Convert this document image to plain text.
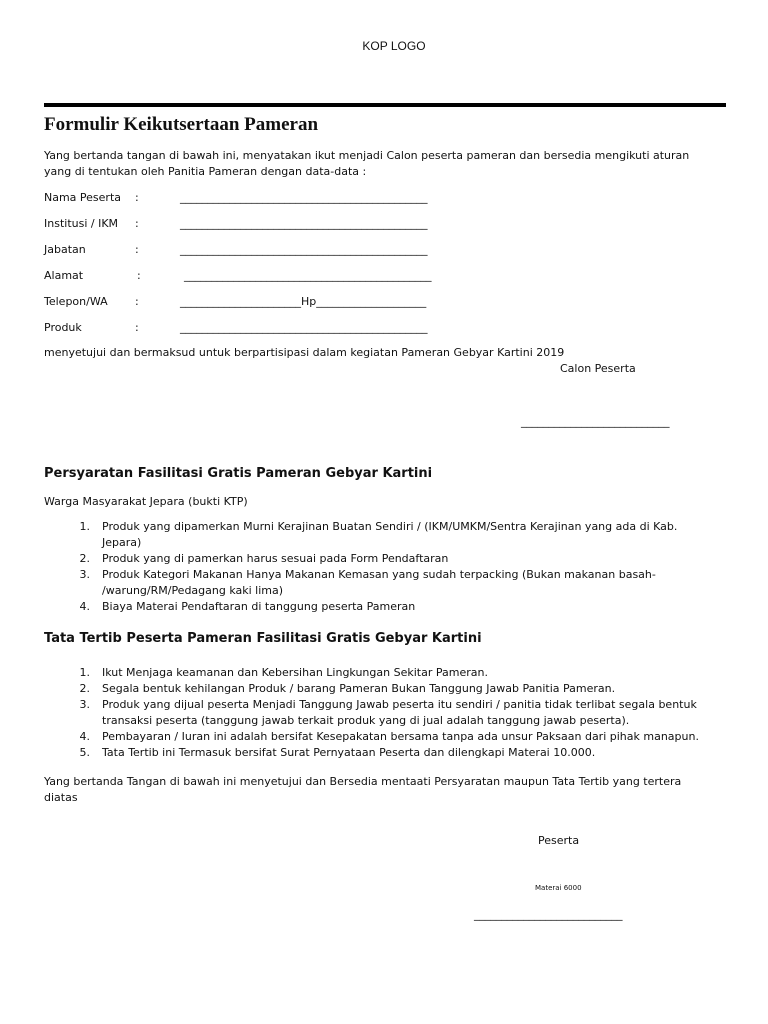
KOP LOGO
Formulir Keikutsertaan Pameran
Yang bertanda tangan di bawah ini, menyatakan ikut menjadi Calon peserta pameran dan bersedia mengikuti aturan
yang di tentukan oleh Panitia Pameran dengan data-data :
Nama Peserta :	_____________________________________________
Institusi / IKM :	_____________________________________________
Jabatan	:	_____________________________________________
Alamat	:	_____________________________________________
Telepon/WA :	______________________Hp____________________
Produk	:	_____________________________________________
menyetujui dan bermaksud untuk berpartisipasi dalam kegiatan Pameran Gebyar Kartini 2019
Calon Peserta
___________________________
Persyaratan Fasilitasi Gratis Pameran Gebyar Kartini
Warga Masyarakat Jepara (bukti KTP)
1.	Produk yang dipamerkan Murni Kerajinan Buatan Sendiri / (IKM/UMKM/Sentra Kerajinan yang ada di Kab.
Jepara)
2.	Produk yang di pamerkan harus sesuai pada Form Pendaftaran
3.	Produk Kategori Makanan Hanya Makanan Kemasan yang sudah terpacking (Bukan makanan basah-
/warung/RM/Pedagang kaki lima)
4.	Biaya Materai Pendaftaran di tanggung peserta Pameran
Tata Tertib Peserta Pameran Fasilitasi Gratis Gebyar Kartini
1.	Ikut Menjaga keamanan dan Kebersihan Lingkungan Sekitar Pameran.
2.	Segala bentuk kehilangan Produk / barang Pameran Bukan Tanggung Jawab Panitia Pameran.
3.	Produk yang dijual peserta Menjadi Tanggung Jawab peserta itu sendiri / panitia tidak terlibat segala bentuk
transaksi peserta (tanggung jawab terkait produk yang di jual adalah tanggung jawab peserta).
4.	Pembayaran / Iuran ini adalah bersifat Kesepakatan bersama tanpa ada unsur Paksaan dari pihak manapun.
5.	Tata Tertib ini Termasuk bersifat Surat Pernyataan Peserta dan dilengkapi Materai 10.000.
Yang bertanda Tangan di bawah ini menyetujui dan Bersedia mentaati Persyaratan maupun Tata Tertib yang tertera
diatas
Peserta
Materai 6000
___________________________
